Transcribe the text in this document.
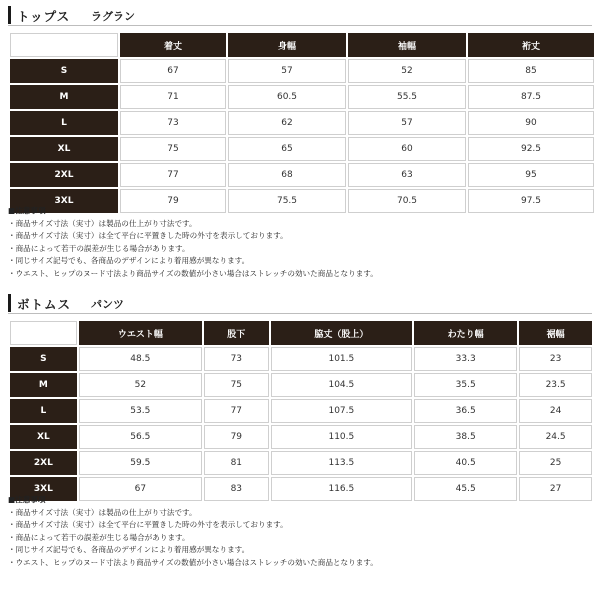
トップス ラグラン
	着丈	身幅	袖幅	裄丈
S	67	57	52	85
M	71	60.5	55.5	87.5
L	73	62	57	90
XL	75	65	60	92.5
2XL	77	68	63	95
3XL	79	75.5	70.5	97.5
■注意事項
・商品サイズ寸法（実寸）は製品の仕上がり寸法です。
・商品サイズ寸法（実寸）は全て平台に平置きした時の外寸を表示しております。
・商品によって若干の誤差が生じる場合があります。
・同じサイズ記号でも、各商品のデザインにより着用感が異なります。
・ウエスト、ヒップのヌード寸法より商品サイズの数値が小さい場合はストレッチの効いた商品となります。
ボトムス パンツ
	ウエスト幅	股下	脇丈（股上）	わたり幅	裾幅
S	48.5	73	101.5	33.3	23
M	52	75	104.5	35.5	23.5
L	53.5	77	107.5	36.5	24
XL	56.5	79	110.5	38.5	24.5
2XL	59.5	81	113.5	40.5	25
3XL	67	83	116.5	45.5	27
■注意事項
・商品サイズ寸法（実寸）は製品の仕上がり寸法です。
・商品サイズ寸法（実寸）は全て平台に平置きした時の外寸を表示しております。
・商品によって若干の誤差が生じる場合があります。
・同じサイズ記号でも、各商品のデザインにより着用感が異なります。
・ウエスト、ヒップのヌード寸法より商品サイズの数値が小さい場合はストレッチの効いた商品となります。
